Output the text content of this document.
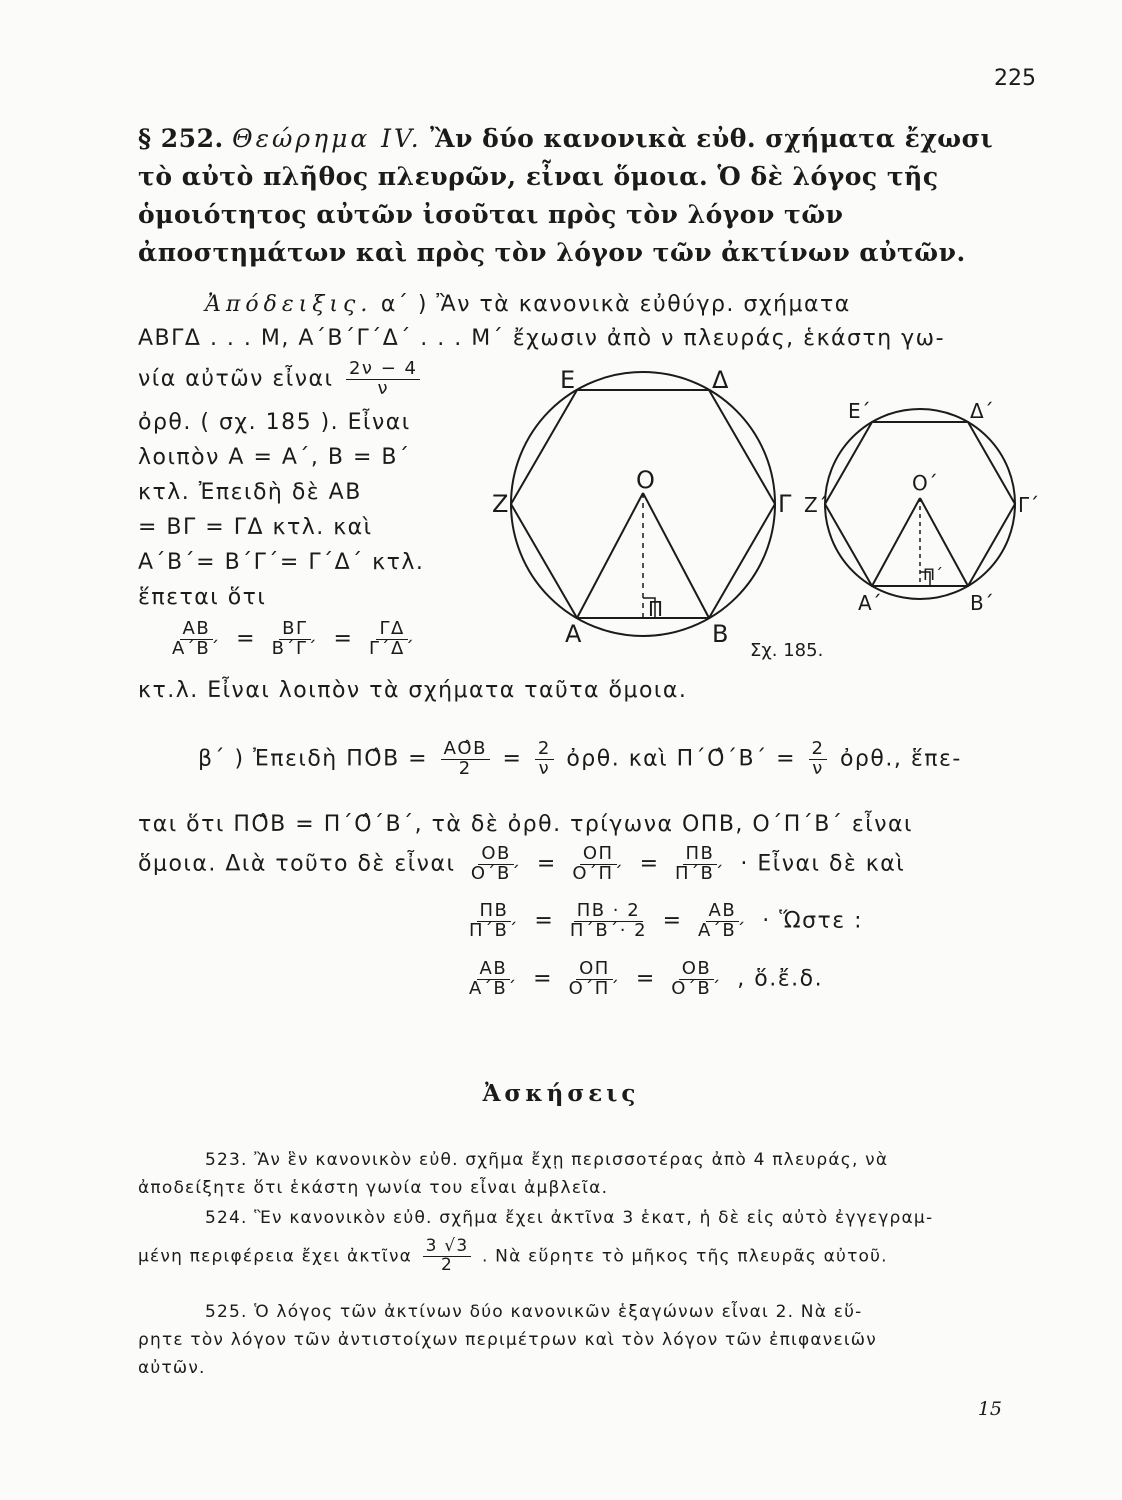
225
§ 252. Θεώρημα IV. Ἂν δύο κανονικὰ εὐθ. σχήματα ἔχωσι τὸ αὐτὸ πλῆθος πλευρῶν, εἶναι ὅμοια. Ὁ δὲ λόγος τῆς ὁμοιότητος αὐτῶν ἰσοῦται πρὸς τὸν λόγον τῶν ἀποστημάτων καὶ πρὸς τὸν λόγον τῶν ἀκτίνων αὐτῶν.
Ἀπόδειξις. α΄ ) Ἂν τὰ κανονικὰ εὐθύγρ. σχήματα
ΑΒΓΔ . . . Μ, Α΄Β΄Γ΄Δ΄ . . . Μ΄ ἔχωσιν ἀπὸ ν πλευράς, ἑκάστη γω-
νία αὐτῶν εἶναι $\frac{2\nu - 4}{\nu}$
ὀρθ. ( σχ. 185 ). Εἶναι
λοιπὸν Α = Α΄, Β = Β΄
κτλ. Ἐπειδὴ δὲ ΑΒ
= ΒΓ = ΓΔ κτλ. καὶ
Α΄Β΄= Β΄Γ΄= Γ΄Δ΄ κτλ.
ἕπεται ὅτι
$\frac{AB}{A΄B΄} = \frac{B\Gamma}{B΄\Gamma΄} = \frac{\Gamma\Delta}{\Gamma΄\Delta΄}$	Σχ. 185.
κτ.λ. Εἶναι λοιπὸν τὰ σχήματα ταῦτα ὅμοια.
Ε	Δ
Ζ	Γ
Ο
Α	Β
Π
Ε΄	Δ΄
Ζ΄	Γ΄
Ο΄
Α΄	Β΄
Π΄
β΄ ) Ἐπειδὴ ΠΟ̂Β = $\frac{AÔB}{2} = \frac{2}{\nu}$ ὀρθ. καὶ Π΄Ο̂΄Β΄ = $\frac{2}{\nu}$ ὀρθ., ἕπε-
ται ὅτι ΠΟ̂Β = Π΄Ο̂΄Β΄, τὰ δὲ ὀρθ. τρίγωνα ΟΠΒ, Ο΄Π΄Β΄ εἶναι
ὅμοια. Διὰ τοῦτο δὲ εἶναι $\frac{OB}{O΄B΄} = \frac{O\Pi}{O΄\Pi΄} = \frac{\Pi B}{\Pi΄B΄}$ · Εἶναι δὲ καὶ
$\frac{\Pi B}{\Pi΄B΄} = \frac{\Pi B \cdot 2}{\Pi΄B΄\cdot 2} = \frac{AB}{A΄B΄}$ · Ὥστε :
$\frac{AB}{A΄B΄} = \frac{O\Pi}{O΄\Pi΄} = \frac{OB}{O΄B΄}$ , ὅ.ἔ.δ.
Ἀσκήσεις
523. Ἂν ἓν κανονικὸν εὐθ. σχῆμα ἔχῃ περισσοτέρας ἀπὸ 4 πλευράς, νὰ
ἀποδείξητε ὅτι ἑκάστη γωνία του εἶναι ἀμβλεῖα.
524. Ἓν κανονικὸν εὐθ. σχῆμα ἔχει ἀκτῖνα 3 ἑκατ, ἡ δὲ εἰς αὐτὸ ἐγγεγραμ-
μένη περιφέρεια ἔχει ἀκτῖνα $\frac{3 √3}{2}$ . Νὰ εὕρητε τὸ μῆκος τῆς πλευρᾶς αὐτοῦ.
525. Ὁ λόγος τῶν ἀκτίνων δύο κανονικῶν ἑξαγώνων εἶναι 2. Νὰ εὕ-
ρητε τὸν λόγον τῶν ἀντιστοίχων περιμέτρων καὶ τὸν λόγον τῶν ἐπιφανειῶν
αὐτῶν.
15
